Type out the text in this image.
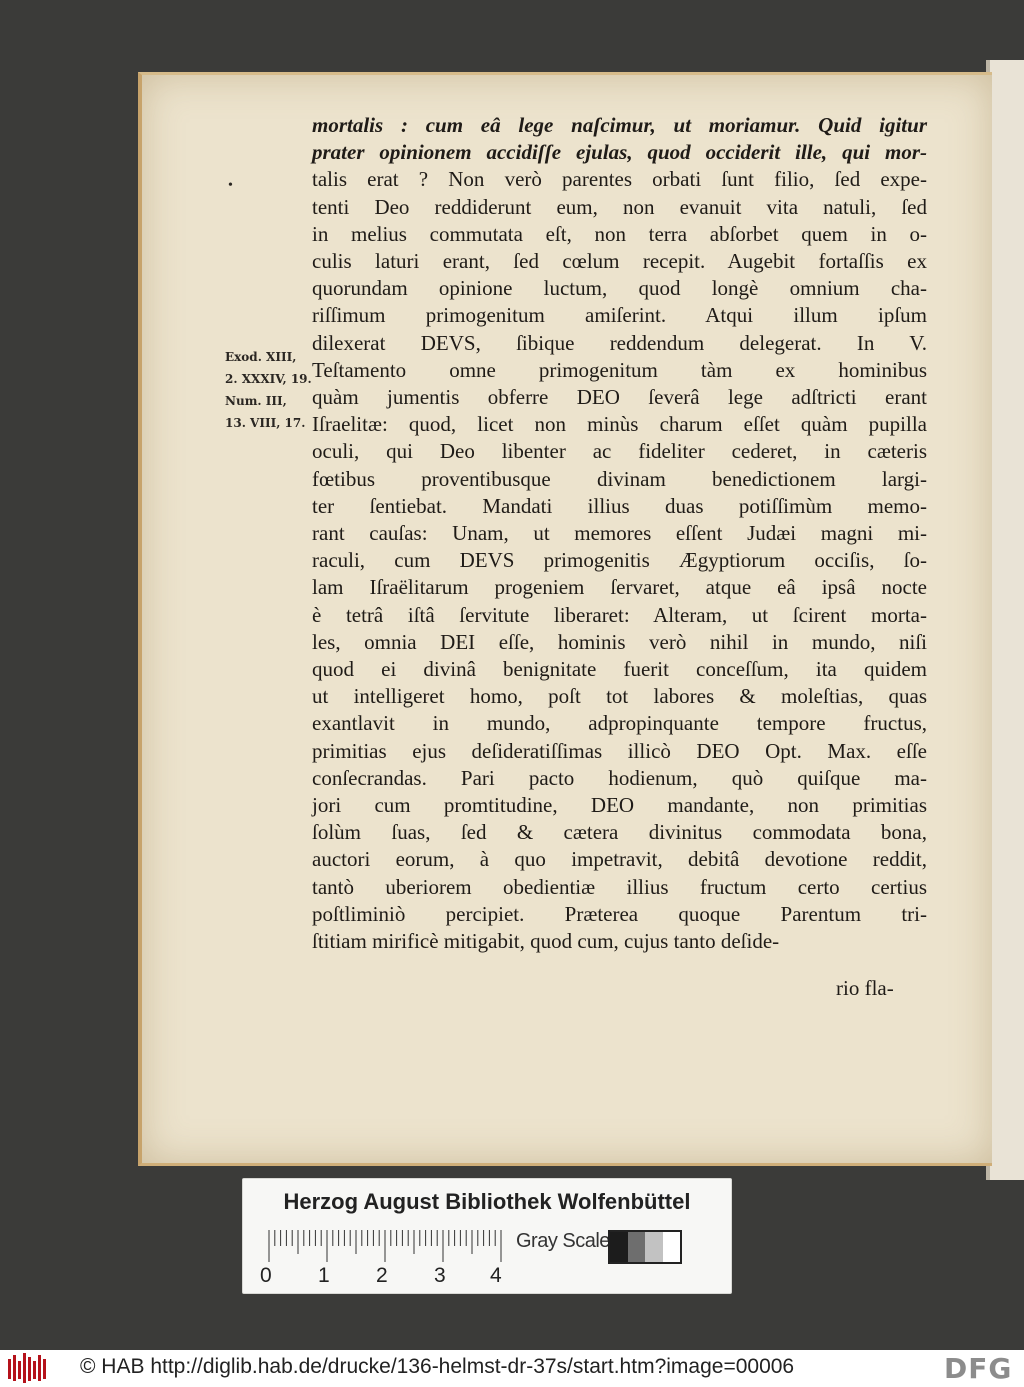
•
Exod. XIII,
2. XXXIV, 19.
Num. III,
13. VIII, 17.
mortalis : cum eâ lege naſcimur, ut moriamur. Quid igitur
prater opinionem accidiſſe ejulas, quod occiderit ille, qui mor-
talis erat ? Non verò parentes orbati ſunt filio, ſed expe-
tenti Deo reddiderunt eum, non evanuit vita natuli, ſed
in melius commutata eſt, non terra abſorbet quem in o-
culis laturi erant, ſed cœlum recepit. Augebit fortaſſis ex
quorundam opinione luctum, quod longè omnium cha-
riſſimum primogenitum amiſerint. Atqui illum ipſum
dilexerat DEVS, ſibique reddendum delegerat. In V.
Teſtamento omne primogenitum tàm ex hominibus
quàm jumentis obferre DEO ſeverâ lege adſtricti erant
Iſraelitæ: quod, licet non minùs charum eſſet quàm pupilla
oculi, qui Deo libenter ac fideliter cederet, in cæteris
fœtibus proventibusque divinam benedictionem largi-
ter ſentiebat. Mandati illius duas potiſſimùm memo-
rant cauſas: Unam, ut memores eſſent Judæi magni mi-
raculi, cum DEVS primogenitis Ægyptiorum occiſis, ſo-
lam Iſraëlitarum progeniem ſervaret, atque eâ ipsâ nocte
è tetrâ iſtâ ſervitute liberaret: Alteram, ut ſcirent morta-
les, omnia DEI eſſe, hominis verò nihil in mundo, niſi
quod ei divinâ benignitate fuerit conceſſum, ita quidem
ut intelligeret homo, poſt tot labores & moleſtias, quas
exantlavit in mundo, adpropinquante tempore fructus,
primitias ejus deſideratiſſimas illicò DEO Opt. Max. eſſe
conſecrandas. Pari pacto hodienum, quò quiſque ma-
jori cum promtitudine, DEO mandante, non primitias
ſolùm ſuas, ſed & cætera divinitus commodata bona,
auctori eorum, à quo impetravit, debitâ devotione reddit,
tantò uberiorem obedientiæ illius fructum certo certius
poſtliminiò percipiet. Præterea quoque Parentum tri-
ſtitiam mirificè mitigabit, quod cum, cujus tanto deſide-
rio fla-
Herzog August Bibliothek Wolfenbüttel
0 1 2 3 4
Gray Scale
© HAB http://diglib.hab.de/drucke/136-helmst-dr-37s/start.htm?image=00006	DFG
